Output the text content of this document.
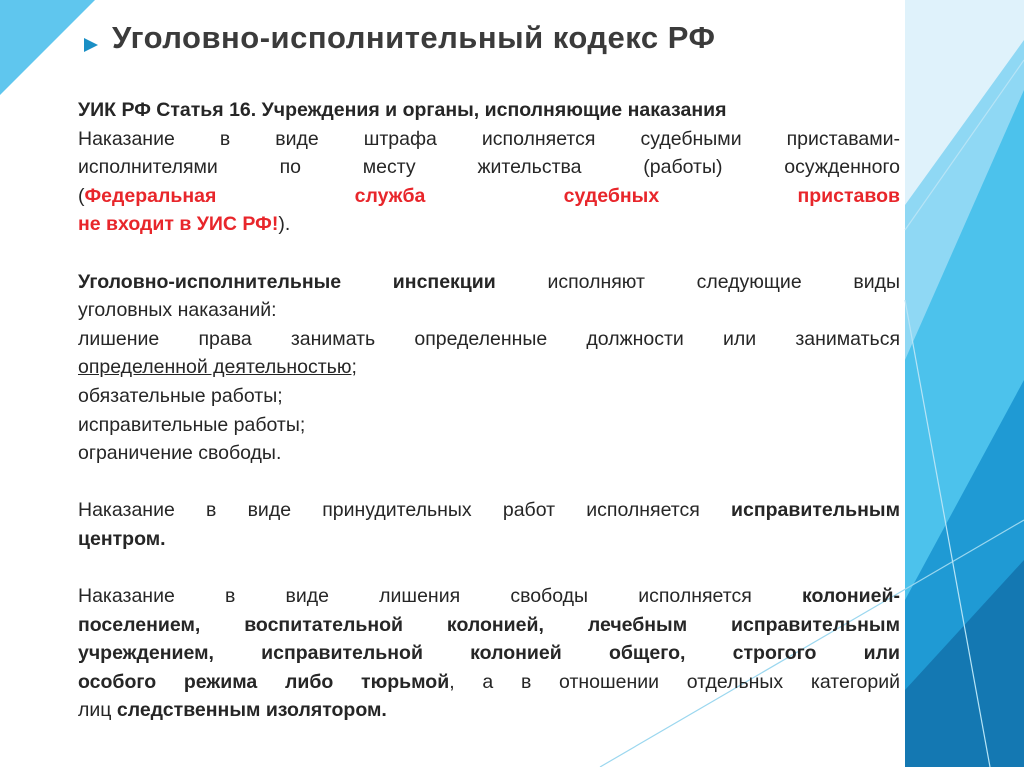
Уголовно-исполнительный кодекс РФ

УИК РФ Статья 16. Учреждения и органы, исполняющие наказания

Наказание в виде штрафа исполняется судебными приставами-

исполнителями по месту жительства (работы) осужденного

(Федеральная служба судебных приставов

не входит в УИС РФ!).

Уголовно-исполнительные инспекции исполняют следующие виды

уголовных наказаний:

лишение права занимать определенные должности или заниматься

определенной деятельностью;

обязательные работы;

исправительные работы;

ограничение свободы.

Наказание в виде принудительных работ исполняется исправительным

центром.

Наказание в виде лишения свободы исполняется колонией-

поселением, воспитательной колонией, лечебным исправительным

учреждением, исправительной колонией общего, строгого или

особого режима либо тюрьмой, а в отношении отдельных категорий

лиц следственным изолятором.
